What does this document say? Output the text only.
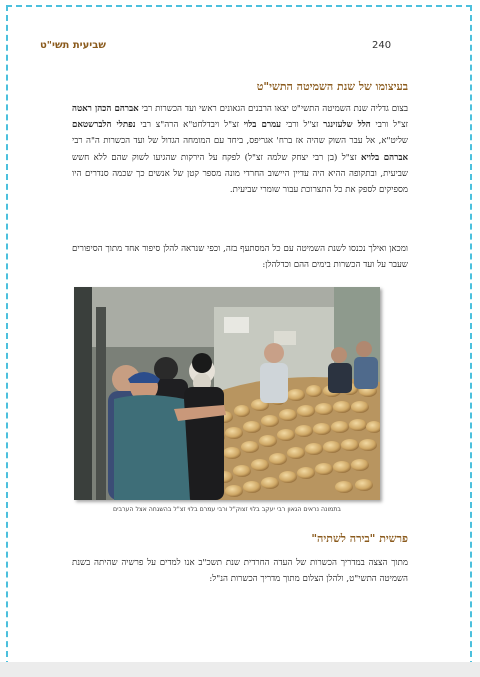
שביעית תשי"ט	240
בעיצומו של שנת השמיטה התשי"ט
בצום גדליה שנת השמיטה התשי"ט יצאו הרבנים הגאונים ראשי ועד הכשרות רבי אברהם הכהן ראטה זצ"ל ורבי הלל שלעזינגר זצ"ל ורבי עמרם בלוי זצ"ל ויבדלחט"א הרה"צ רבי נפתלי הלברשטאם שליט"א, אל עבר השוק שהיה אז ברח' אגריפס, ביחד עם המומחה הגדול של ועד הכשרות ה"ה רבי אברהם בלויא זצ"ל (בן רבי יצחק שלמה זצ"ל) לפקח על הירקות שהגיעו לשוק שהם ללא חשש שביעית, ובתקופה ההיא היה עדיין היישוב החרדי מונה מספר קטן של אנשים כך שכמה סנדרים היו מספיקים לספק את כל התצרוכת עבור שומרי שביעית.
ומכאן ואילך נכנסו לשנת השמיטה עם כל המסתעף בזה, וכפי שנראה להלן סיפור אחד מתוך הסיפורים שעבר על ועד הכשרות בימים ההם וכדלהלן:
בתמונה נראים הגאון רבי יעקב בלוי זצוק"ל ורבי עמרם בלוי זצ"ל בהשגחה אצל הערבים
פרשית "בירה לשתיה"
מתוך הצצה במדריך הכשרות של העדה החרדית שנת תשכ"ב אנו למדים על פרשיה שהיתה בשנת השמיטה התשי"ט, ולהלן הצלום מתוך מדריך הכשרות הנ"ל:
